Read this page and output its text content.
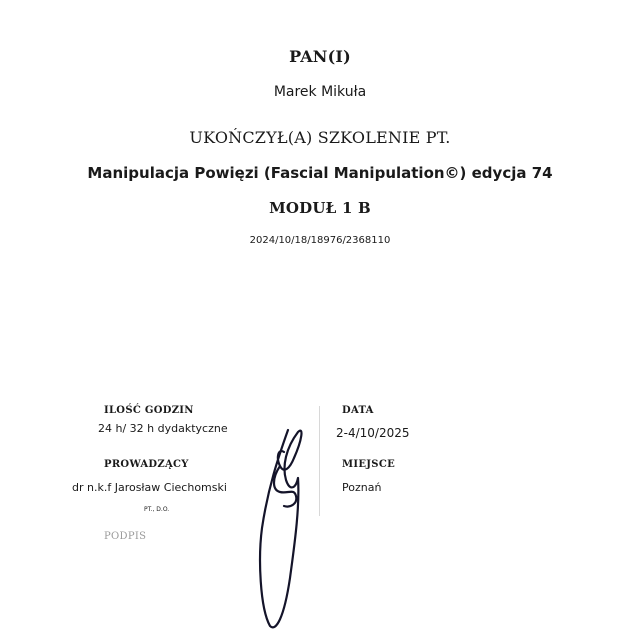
PAN(I)
Marek Mikuła
UKOŃCZYŁ(A) SZKOLENIE PT.
Manipulacja Powięzi (Fascial Manipulation©) edycja 74
MODUŁ 1 B
2024/10/18/18976/2368110
ILOŚĆ GODZIN
24 h/ 32 h dydaktyczne
DATA
2-4/10/2025
PROWADZĄCY
dr n.k.f Jarosław Ciechomski
PT., D.O.
MIEJSCE
Poznań
PODPIS
